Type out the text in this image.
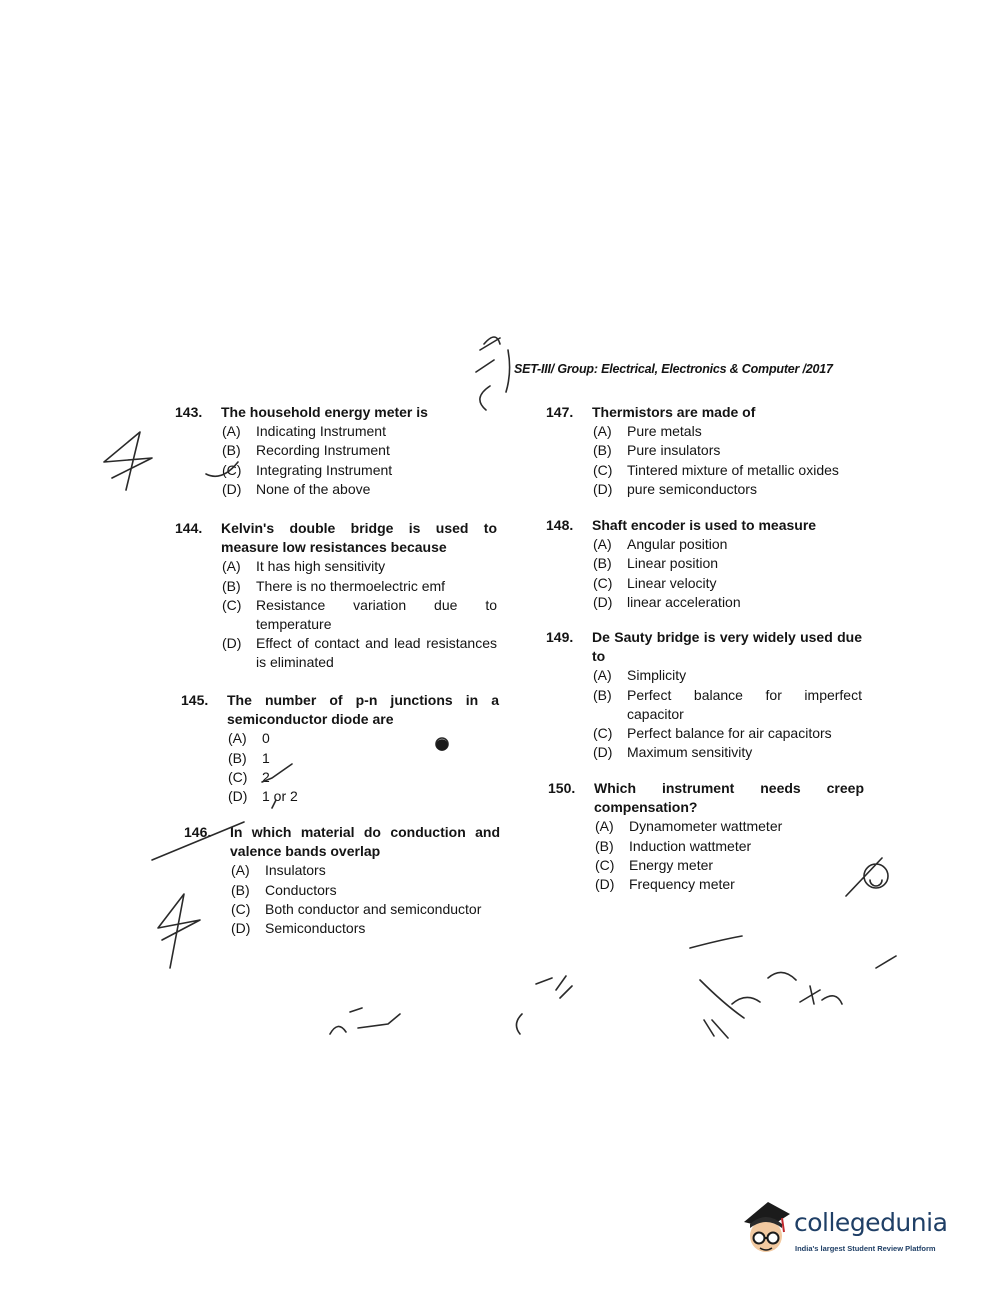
SET-III/ Group: Electrical, Electronics & Computer /2017
143. The household energy meter is
(A) Indicating Instrument
(B) Recording Instrument
(C) Integrating Instrument
(D) None of the above
144. Kelvin's double bridge is used to measure low resistances because
(A) It has high sensitivity
(B) There is no thermoelectric emf
(C) Resistance variation due to temperature
(D) Effect of contact and lead resistances is eliminated
145. The number of p-n junctions in a semiconductor diode are
(A) 0
(B) 1
(C) 2
(D) 1 or 2
146. In which material do conduction and valence bands overlap
(A) Insulators
(B) Conductors
(C) Both conductor and semiconductor
(D) Semiconductors
147. Thermistors are made of
(A) Pure metals
(B) Pure insulators
(C) Tintered mixture of metallic oxides
(D) pure semiconductors
148. Shaft encoder is used to measure
(A) Angular position
(B) Linear position
(C) Linear velocity
(D) linear acceleration
149. De Sauty bridge is very widely used due to
(A) Simplicity
(B) Perfect balance for imperfect capacitor
(C) Perfect balance for air capacitors
(D) Maximum sensitivity
150. Which instrument needs creep compensation?
(A) Dynamometer wattmeter
(B) Induction wattmeter
(C) Energy meter
(D) Frequency meter
collegedunia
India's largest Student Review Platform
